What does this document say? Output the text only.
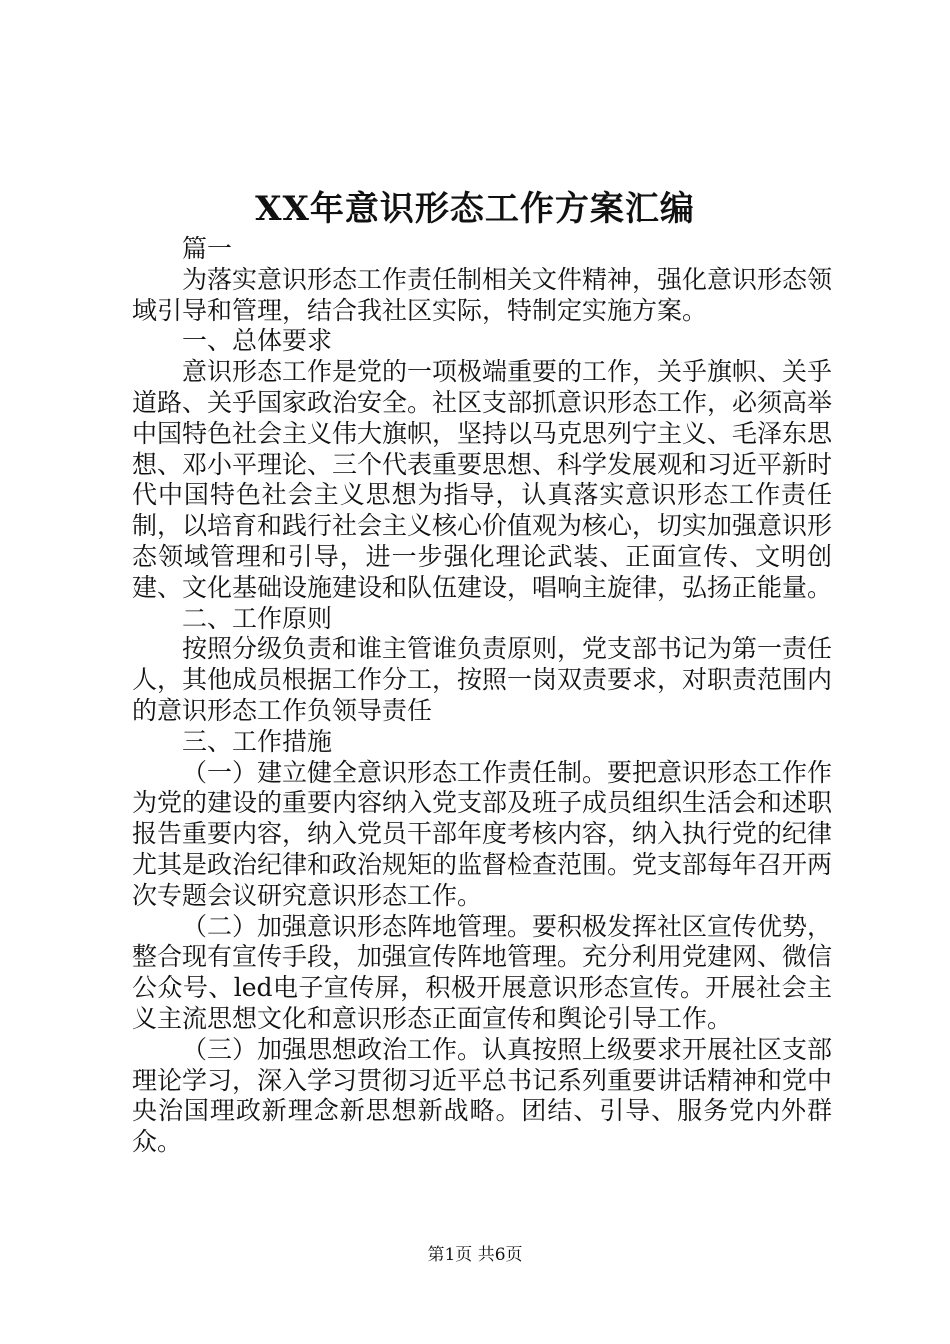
XX年意识形态工作方案汇编

篇一

为落实意识形态工作责任制相关文件精神，强化意识形态领域引导和管理，结合我社区实际，特制定实施方案。

一、总体要求

意识形态工作是党的一项极端重要的工作，关乎旗帜、关乎道路、关乎国家政治安全。社区支部抓意识形态工作，必须高举中国特色社会主义伟大旗帜，坚持以马克思列宁主义、毛泽东思想、邓小平理论、三个代表重要思想、科学发展观和习近平新时代中国特色社会主义思想为指导，认真落实意识形态工作责任制，以培育和践行社会主义核心价值观为核心，切实加强意识形态领域管理和引导，进一步强化理论武装、正面宣传、文明创建、文化基础设施建设和队伍建设，唱响主旋律，弘扬正能量。

二、工作原则

按照分级负责和谁主管谁负责原则，党支部书记为第一责任人，其他成员根据工作分工，按照一岗双责要求，对职责范围内的意识形态工作负领导责任

三、工作措施

（一）建立健全意识形态工作责任制。要把意识形态工作作为党的建设的重要内容纳入党支部及班子成员组织生活会和述职报告重要内容，纳入党员干部年度考核内容，纳入执行党的纪律尤其是政治纪律和政治规矩的监督检查范围。党支部每年召开两次专题会议研究意识形态工作。

（二）加强意识形态阵地管理。要积极发挥社区宣传优势，整合现有宣传手段，加强宣传阵地管理。充分利用党建网、微信公众号、led电子宣传屏，积极开展意识形态宣传。开展社会主义主流思想文化和意识形态正面宣传和舆论引导工作。

（三）加强思想政治工作。认真按照上级要求开展社区支部理论学习，深入学习贯彻习近平总书记系列重要讲话精神和党中央治国理政新理念新思想新战略。团结、引导、服务党内外群众。

第1页 共6页
